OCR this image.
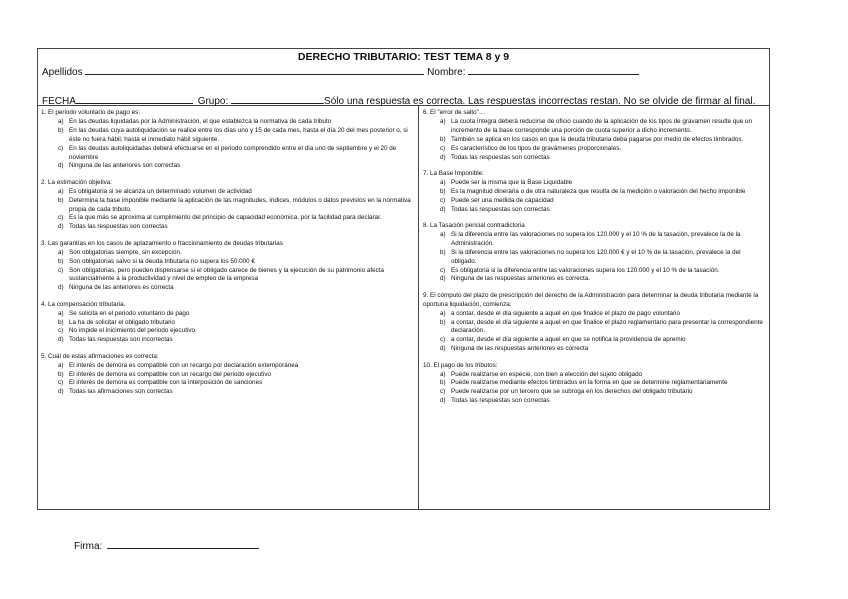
DERECHO TRIBUTARIO: TEST TEMA 8 y 9
Apellidos	Nombre:
FECHA	Grupo:	Sólo una respuesta es correcta. Las respuestas incorrectas restan. No se olvide de firmar al final.
1. El periodo voluntario de pago es:
a) En las deudas liquidadas por la Administración, el que establezca la normativa de cada tributo
b) En las deudas cuya autoliquidación se realice entre los días uno y 15 de cada mes, hasta el día 20 del mes posterior o, si éste no fuera hábil, hasta el inmediato hábil siguiente.
c) En las deudas autoliquidadas deberá efectuarse en el periodo comprendido entre el día uno de septiembre y el 20 de noviembre
d) Ninguna de las anteriores son correctas
2. La estimación objetiva:
a) Es obligatoria si se alcanza un determinado volumen de actividad
b) Determina la base imponible mediante la aplicación de las magnitudes, índices, módulos o datos previstos en la normativa propia de cada tributo.
c) Es la que más se aproxima al cumplimiento del principio de capacidad económica, por la facilidad para declarar.
d) Todas las respuestas son correctas
3. Las garantías en los casos de aplazamiento o fraccionamiento de deudas tributarias
a) Son obligatorias siempre, sin excepción.
b) Son obligatorias salvo si la deuda tributaria no supera los 50.000 €
c) Son obligatorias, pero pueden dispensarse si el obligado carece de bienes y la ejecución de su patrimonio afecta sustancialmente a la productividad y nivel de empleo de la empresa
d) Ninguna de las anteriores es correcta
4. La compensación tributaria.
a) Se solicita en el periodo voluntario de pago
b) La ha de solicitar el obligado tributario
c) No impide el inicimiento del periodo ejecutivo
d) Todas las respuestas son incorrectas
5. Cuál de estas afirmaciones es correcta:
a) El interés de demora es compatible con un recargo por declaración extemporánea
b) El interés de demora es compatible con un recargo del periodo ejecutivo
c) El interés de demora es compatible con la interposición de sanciones
d) Todas las afirmaciones son correctas
6. El "error de salto"…
a) La cuota íntegra deberá reducirse de oficio cuando de la aplicación de los tipos de gravamen resulte que un incremento de la base corresponde una porción de cuota superior a dicho incremento.
b) También se aplica en los casos en que la deuda tributaria deba pagarse por medio de efectos timbrados.
c) Es característico de los tipos de gravámenes proporcionales.
d) Todas las respuestas son correctas
7. La Base Imponible:
a) Puede ser la misma que la Base Liquidable
b) Es la magnitud dineraria o de otra naturaleza que resulta de la medición o valoración del hecho imponible
c) Puede ser una medida de capacidad
d) Todas las respuestas son correctas
8. La Tasación pericial contradictoria
a) Si la diferencia entre las valoraciones no supera los 120.000 y el 10 % de la tasación, prevalece la de la Administración.
b) Si la diferencia entre las valoraciones no supera los 120.000 € y el 10 % de la tasación, prevalece la del obligado.
c) Es obligatoria si la diferencia entre las valoraciones supera los 120.000 y el 10 % de la tasación.
d) Ninguna de las respuestas anteriores es correcta.
9. El cómputo del plazo de prescripción del derecho de la Administración para determinar la deuda tributaria mediante la oportuna liquidación, comienza:
a) a contar, desde el día siguiente a aquel en que finalice el plazo de pago voluntario
b) a contar, desde el día siguiente a aquel en que finalice el plazo reglamentario para presentar la correspondiente declaración.
c) a contar, desde el día siguiente a aquel en que se notifica la providencia de apremio
d) Ninguna de las respuestas anteriores es correcta
10. El pago de los tributos:
a) Puede realizarse en especie, con bien a elección del sujeto obligado
b) Puede realizarse mediante efectos timbrados en la forma en que se determine reglamentariamente
c) Puede realizarse por un tercero que se subroga en los derechos del obligado tributario
d) Todas las respuestas son correctas
Firma:
